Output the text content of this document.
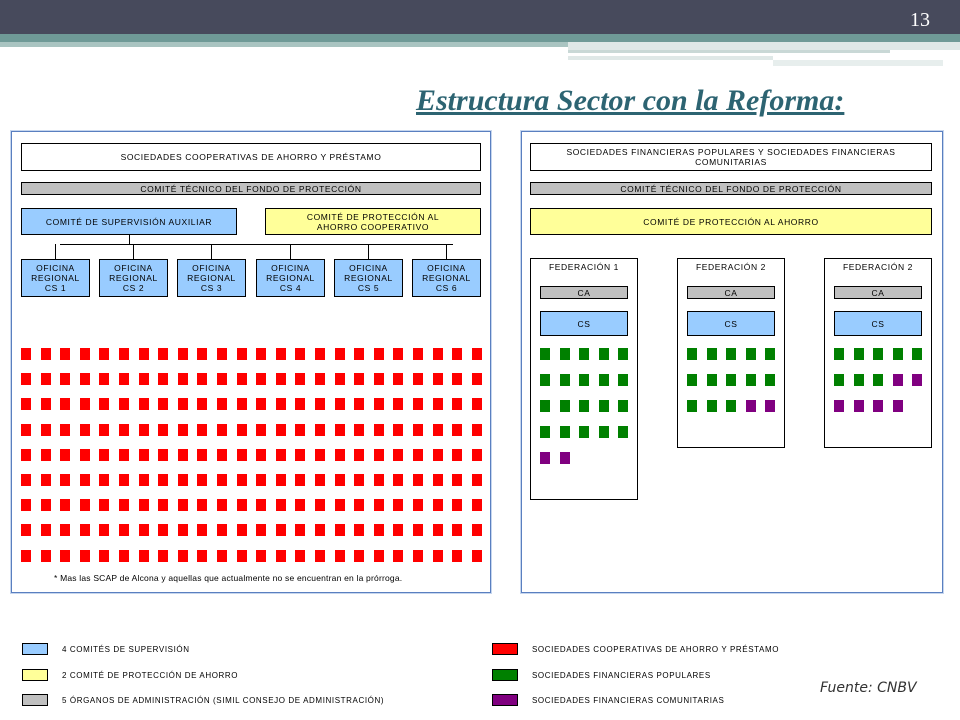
13
Estructura Sector con la Reforma:
SOCIEDADES COOPERATIVAS DE AHORRO Y PRÉSTAMO
COMITÉ TÉCNICO DEL FONDO DE PROTECCIÓN
COMITÉ DE SUPERVISIÓN AUXILIAR	COMITÉ DE PROTECCIÓN AL AHORRO COOPERATIVO
OFICINA REGIONAL CS 1
OFICINA REGIONAL CS 2
OFICINA REGIONAL CS 3
OFICINA REGIONAL CS 4
OFICINA REGIONAL CS 5
OFICINA REGIONAL CS 6
* Mas las SCAP de Alcona y aquellas que actualmente no se encuentran en la prórroga.
SOCIEDADES FINANCIERAS POPULARES Y SOCIEDADES FINANCIERAS COMUNITARIAS
COMITÉ TÉCNICO DEL FONDO DE PROTECCIÓN
COMITÉ DE PROTECCIÓN AL AHORRO
FEDERACIÓN 1
CA
CS
FEDERACIÓN 2
CA
CS
FEDERACIÓN 2
CA
CS
4 COMITÉS DE SUPERVISIÓN
2 COMITÉ DE PROTECCIÓN DE AHORRO
5 ÓRGANOS DE ADMINISTRACIÓN (SIMIL CONSEJO DE ADMINISTRACIÓN)
SOCIEDADES COOPERATIVAS DE AHORRO Y PRÉSTAMO
SOCIEDADES FINANCIERAS POPULARES
SOCIEDADES FINANCIERAS COMUNITARIAS
Fuente: CNBV
